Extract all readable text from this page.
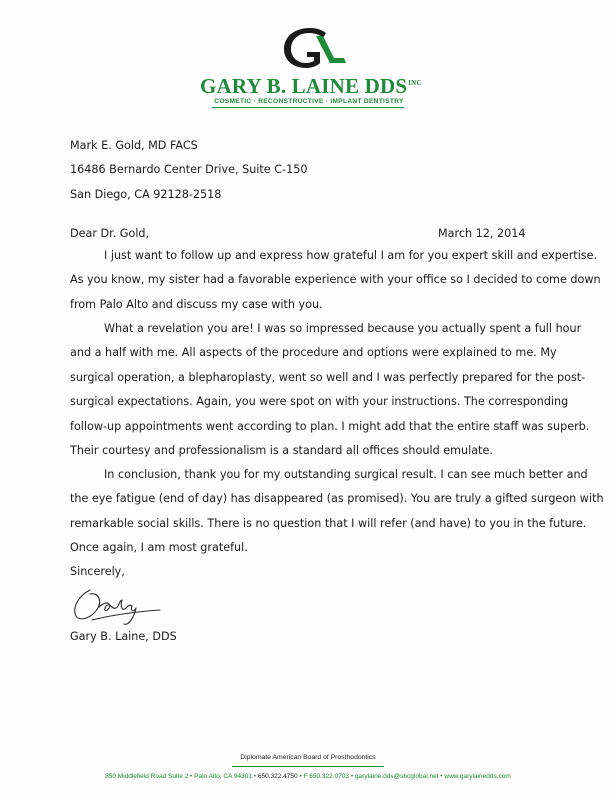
GARY B. LAINE $DDS^{INC}$
COSMETIC · RECONSTRUCTIVE · IMPLANT DENTISTRY
Mark E. Gold, MD FACS
16486 Bernardo Center Drive, Suite C-150
San Diego, CA 92128-2518
Dear Dr. Gold,	March 12, 2014
I just want to follow up and express how grateful I am for you expert skill and expertise.
As you know, my sister had a favorable experience with your office so I decided to come down
from Palo Alto and discuss my case with you.
What a revelation you are! I was so impressed because you actually spent a full hour
and a half with me. All aspects of the procedure and options were explained to me. My
surgical operation, a blepharoplasty, went so well and I was perfectly prepared for the post-
surgical expectations. Again, you were spot on with your instructions. The corresponding
follow-up appointments went according to plan. I might add that the entire staff was superb.
Their courtesy and professionalism is a standard all offices should emulate.
In conclusion, thank you for my outstanding surgical result. I can see much better and
the eye fatigue (end of day) has disappeared (as promised). You are truly a gifted surgeon with
remarkable social skills. There is no question that I will refer (and have) to you in the future.
Once again, I am most grateful.
Sincerely,
Gary B. Laine, DDS
Diplomate American Board of Prosthodontics
850 Middlefield Road Suite 2 • Palo Alto, CA 94301 • 650.322.4750 • F 650.322.0703 • garylaine.dds@sbcglobal.net • www.garylainedds.com
